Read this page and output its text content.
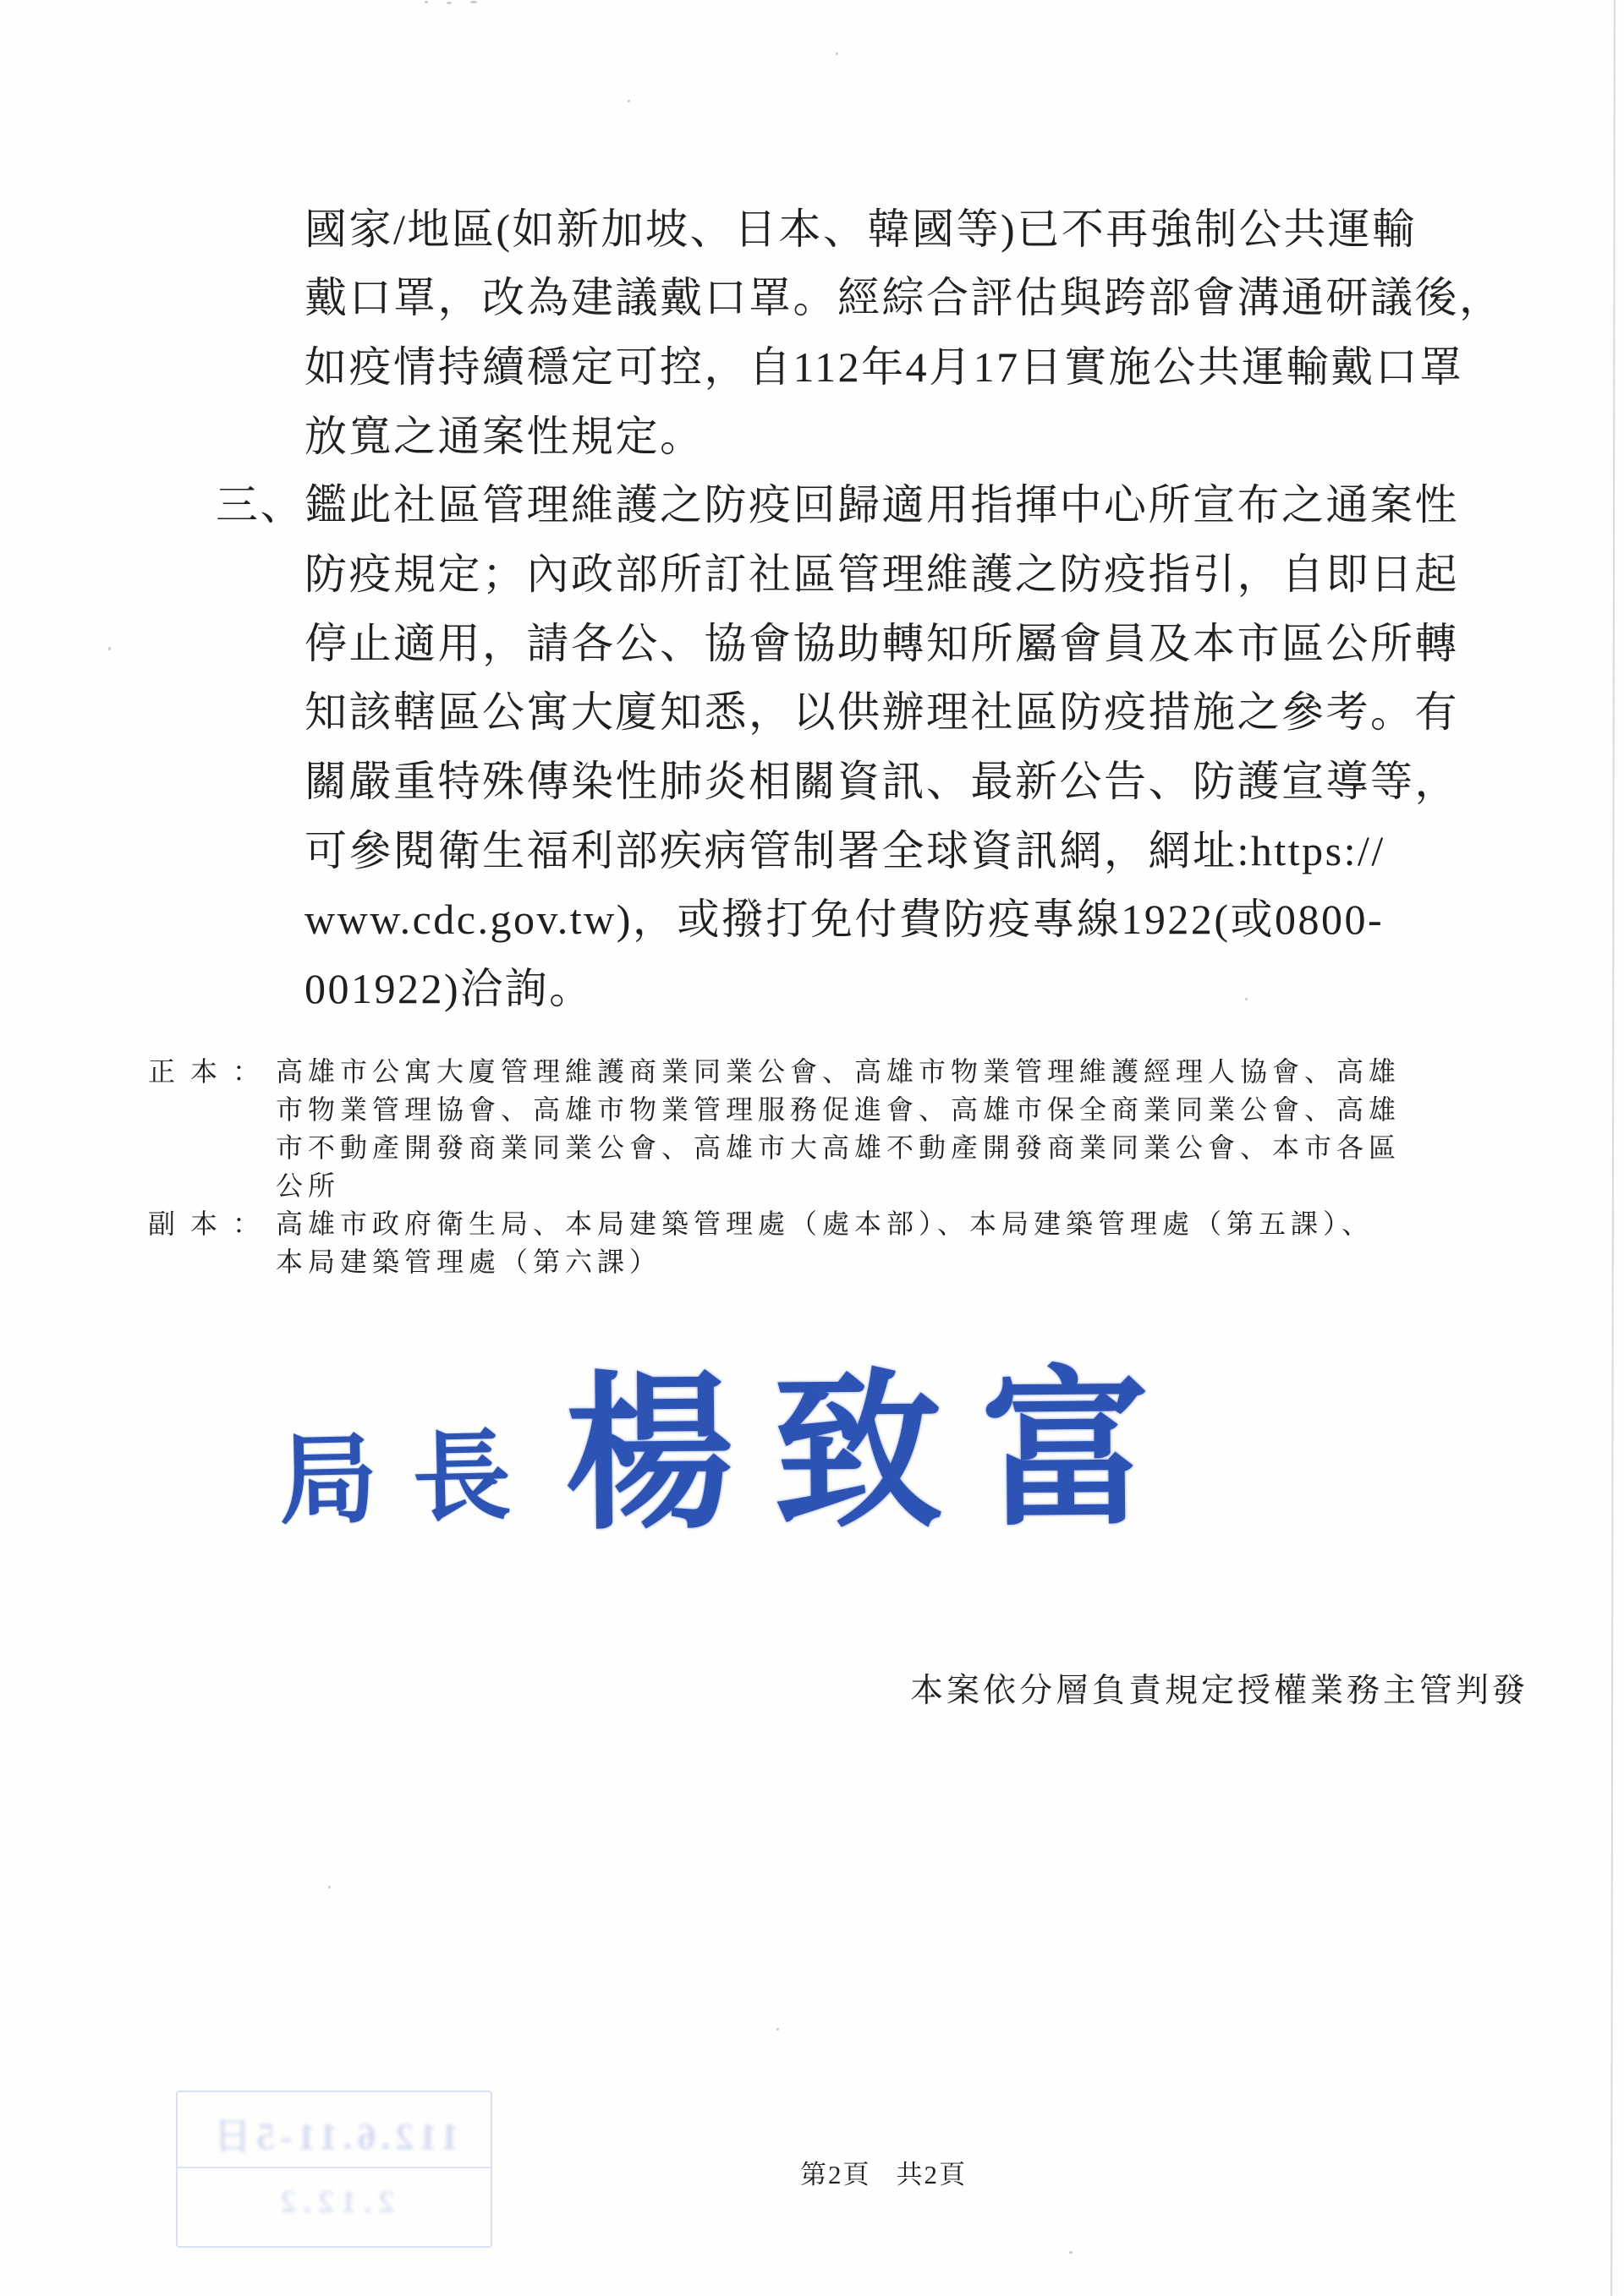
國家/地區(如新加坡、日本、韓國等)已不再強制公共運輸
戴口罩，改為建議戴口罩。經綜合評估與跨部會溝通研議後，
如疫情持續穩定可控，自112年4月17日實施公共運輸戴口罩
放寬之通案性規定。
三、鑑此社區管理維護之防疫回歸適用指揮中心所宣布之通案性
防疫規定；內政部所訂社區管理維護之防疫指引，自即日起
停止適用，請各公、協會協助轉知所屬會員及本市區公所轉
知該轄區公寓大廈知悉，以供辦理社區防疫措施之參考。有
關嚴重特殊傳染性肺炎相關資訊、最新公告、防護宣導等，
可參閱衛生福利部疾病管制署全球資訊網，網址:https://
www.cdc.gov.tw)，或撥打免付費防疫專線1922(或0800-
001922)洽詢。
正本：高雄市公寓大廈管理維護商業同業公會、高雄市物業管理維護經理人協會、高雄
市物業管理協會、高雄市物業管理服務促進會、高雄市保全商業同業公會、高雄
市不動產開發商業同業公會、高雄市大高雄不動產開發商業同業公會、本市各區
公所
副本：高雄市政府衛生局、本局建築管理處（處本部）、本局建築管理處（第五課）、
本局建築管理處（第六課）
局長 楊致富
本案依分層負責規定授權業務主管判發
第2頁 共2頁
112.6.11-5日
2.12.2
